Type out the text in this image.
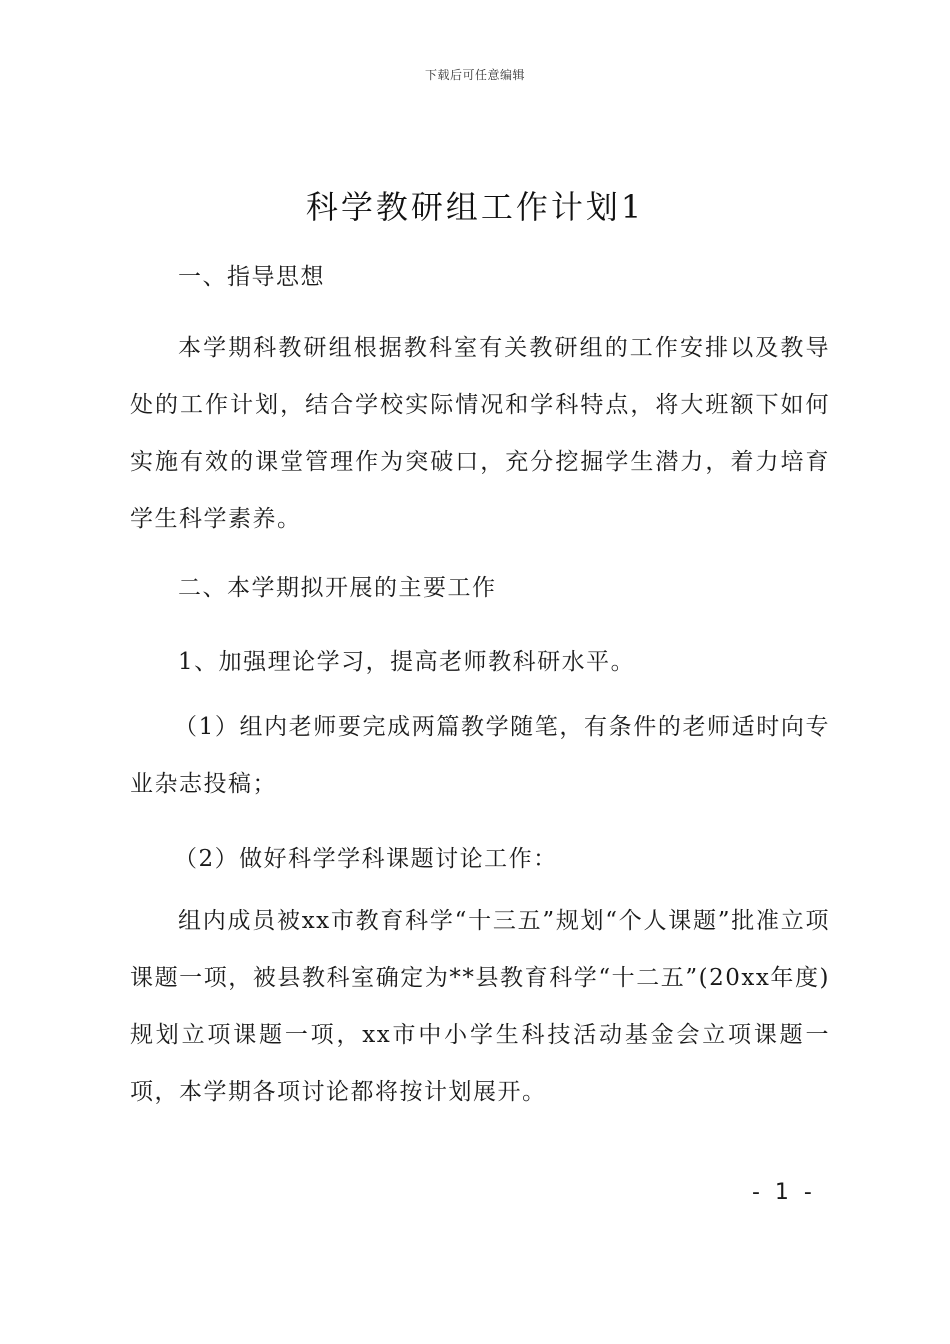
下载后可任意编辑
科学教研组工作计划1
一、指导思想
本学期科教研组根据教科室有关教研组的工作安排以及教导处的工作计划，结合学校实际情况和学科特点，将大班额下如何实施有效的课堂管理作为突破口，充分挖掘学生潜力，着力培育学生科学素养。
二、本学期拟开展的主要工作
1、加强理论学习，提高老师教科研水平。
（1）组内老师要完成两篇教学随笔，有条件的老师适时向专业杂志投稿；
（2）做好科学学科课题讨论工作：
组内成员被xx市教育科学“十三五”规划“个人课题”批准立项课题一项，被县教科室确定为**县教育科学“十二五”(20xx年度)规划立项课题一项，xx市中小学生科技活动基金会立项课题一项，本学期各项讨论都将按计划展开。
- 1 -
